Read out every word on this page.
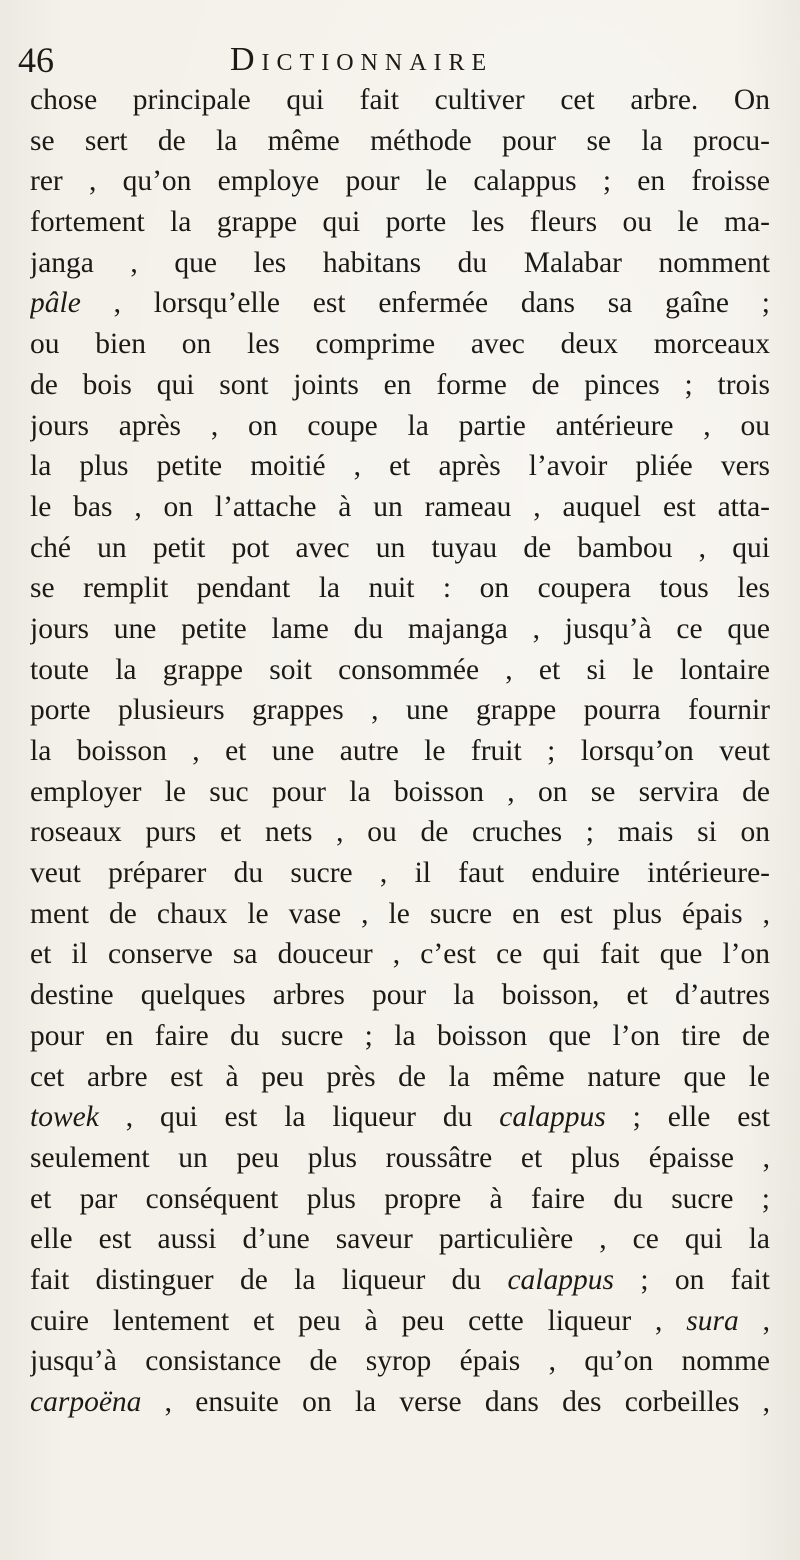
46	Dictionnaire
chose principale qui fait cultiver cet arbre. On
se sert de la même méthode pour se la procu-
rer , qu’on employe pour le calappus ; en froisse
fortement la grappe qui porte les fleurs ou le ma-
janga , que les habitans du Malabar nomment
pâle , lorsqu’elle est enfermée dans sa gaîne ;
ou bien on les comprime avec deux morceaux
de bois qui sont joints en forme de pinces ; trois
jours après , on coupe la partie antérieure , ou
la plus petite moitié , et après l’avoir pliée vers
le bas , on l’attache à un rameau , auquel est atta-
ché un petit pot avec un tuyau de bambou , qui
se remplit pendant la nuit : on coupera tous les
jours une petite lame du majanga , jusqu’à ce que
toute la grappe soit consommée , et si le lontaire
porte plusieurs grappes , une grappe pourra fournir
la boisson , et une autre le fruit ; lorsqu’on veut
employer le suc pour la boisson , on se servira de
roseaux purs et nets , ou de cruches ; mais si on
veut préparer du sucre , il faut enduire intérieure-
ment de chaux le vase , le sucre en est plus épais ,
et il conserve sa douceur , c’est ce qui fait que l’on
destine quelques arbres pour la boisson, et d’autres
pour en faire du sucre ; la boisson que l’on tire de
cet arbre est à peu près de la même nature que le
towek , qui est la liqueur du calappus ; elle est
seulement un peu plus roussâtre et plus épaisse ,
et par conséquent plus propre à faire du sucre ;
elle est aussi d’une saveur particulière , ce qui la
fait distinguer de la liqueur du calappus ; on fait
cuire lentement et peu à peu cette liqueur , sura ,
jusqu’à consistance de syrop épais , qu’on nomme
carpoëna , ensuite on la verse dans des corbeilles ,
